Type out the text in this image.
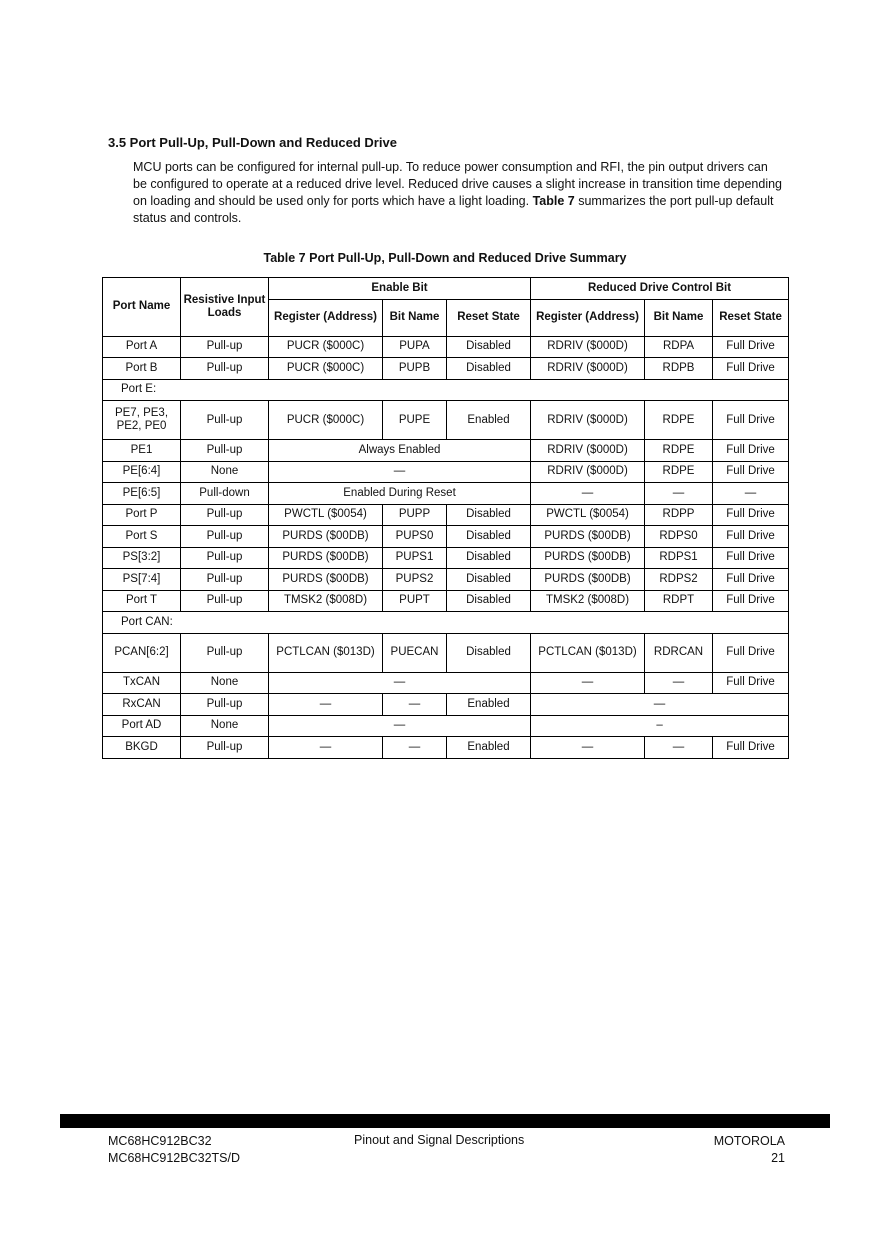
3.5 Port Pull-Up, Pull-Down and Reduced Drive
MCU ports can be configured for internal pull-up. To reduce power consumption and RFI, the pin output drivers can be configured to operate at a reduced drive level. Reduced drive causes a slight increase in transition time depending on loading and should be used only for ports which have a light loading. Table 7 summarizes the port pull-up default status and controls.
Table 7 Port Pull-Up, Pull-Down and Reduced Drive Summary
Port Name	Resistive Input Loads	Enable Bit			Reduced Drive Control Bit		
		Register (Address)	Bit Name	Reset State	Register (Address)	Bit Name	Reset State
Port A	Pull-up	PUCR ($000C)	PUPA	Disabled	RDRIV ($000D)	RDPA	Full Drive
Port B	Pull-up	PUCR ($000C)	PUPB	Disabled	RDRIV ($000D)	RDPB	Full Drive
Port E:							
PE7, PE3, PE2, PE0	Pull-up	PUCR ($000C)	PUPE	Enabled	RDRIV ($000D)	RDPE	Full Drive
PE1	Pull-up	Always Enabled			RDRIV ($000D)	RDPE	Full Drive
PE[6:4]	None	—			RDRIV ($000D)	RDPE	Full Drive
PE[6:5]	Pull-down	Enabled During Reset			—	—	—
Port P	Pull-up	PWCTL ($0054)	PUPP	Disabled	PWCTL ($0054)	RDPP	Full Drive
Port S	Pull-up	PURDS ($00DB)	PUPS0	Disabled	PURDS ($00DB)	RDPS0	Full Drive
PS[3:2]	Pull-up	PURDS ($00DB)	PUPS1	Disabled	PURDS ($00DB)	RDPS1	Full Drive
PS[7:4]	Pull-up	PURDS ($00DB)	PUPS2	Disabled	PURDS ($00DB)	RDPS2	Full Drive
Port T	Pull-up	TMSK2 ($008D)	PUPT	Disabled	TMSK2 ($008D)	RDPT	Full Drive
Port CAN:							
PCAN[6:2]	Pull-up	PCTLCAN ($013D)	PUECAN	Disabled	PCTLCAN ($013D)	RDRCAN	Full Drive
TxCAN	None	—			—	—	Full Drive
RxCAN	Pull-up	—	—	Enabled	—		
Port AD	None	—			–		
BKGD	Pull-up	—	—	Enabled	—	—	Full Drive
MC68HC912BC32
MC68HC912BC32TS/D
Pinout and Signal Descriptions	MOTOROLA
21
